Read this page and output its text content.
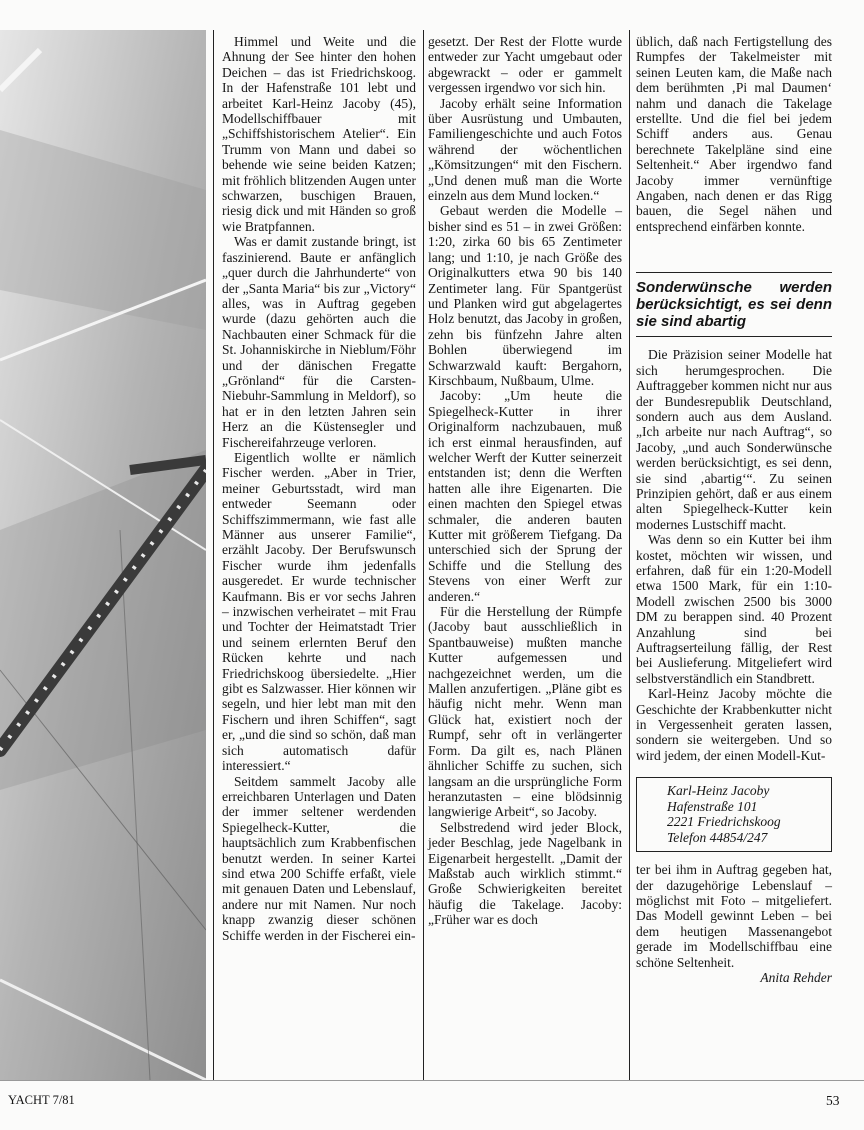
Himmel und Weite und die Ahnung der See hinter den hohen Deichen – das ist Friedrichskoog. In der Hafenstraße 101 lebt und arbeitet Karl-Heinz Jacoby (45), Modellschiffbauer mit „Schiffshistorischem Atelier“. Ein Trumm von Mann und dabei so behende wie seine beiden Katzen; mit fröhlich blitzenden Augen unter schwarzen, buschigen Brauen, riesig dick und mit Händen so groß wie Bratpfannen.

Was er damit zustande bringt, ist faszinierend. Baute er anfänglich „quer durch die Jahrhunderte“ von der „Santa Maria“ bis zur „Victory“ alles, was in Auftrag gegeben wurde (dazu gehörten auch die Nachbauten einer Schmack für die St. Johanniskirche in Nieblum/Föhr und der dänischen Fregatte „Grönland“ für die Carsten-Niebuhr-Sammlung in Meldorf), so hat er in den letzten Jahren sein Herz an die Küstensegler und Fischereifahrzeuge verloren.

Eigentlich wollte er nämlich Fischer werden. „Aber in Trier, meiner Geburtsstadt, wird man entweder Seemann oder Schiffszimmermann, wie fast alle Männer aus unserer Familie“, erzählt Jacoby. Der Berufswunsch Fischer wurde ihm jedenfalls ausgeredet. Er wurde technischer Kaufmann. Bis er vor sechs Jahren – inzwischen verheiratet – mit Frau und Tochter der Heimatstadt Trier und seinem erlernten Beruf den Rücken kehrte und nach Friedrichskoog übersiedelte. „Hier gibt es Salzwasser. Hier können wir segeln, und hier lebt man mit den Fischern und ihren Schiffen“, sagt er, „und die sind so schön, daß man sich automatisch dafür interessiert.“

Seitdem sammelt Jacoby alle erreichbaren Unterlagen und Daten der immer seltener werdenden Spiegelheck-Kutter, die hauptsächlich zum Krabbenfischen benutzt werden. In seiner Kartei sind etwa 200 Schiffe erfaßt, viele mit genauen Daten und Lebenslauf, andere nur mit Namen. Nur noch knapp zwanzig dieser schönen Schiffe werden in der Fischerei ein-

gesetzt. Der Rest der Flotte wurde entweder zur Yacht umgebaut oder abgewrackt – oder er gammelt vergessen irgendwo vor sich hin.

Jacoby erhält seine Information über Ausrüstung und Umbauten, Familiengeschichte und auch Fotos während der wöchentlichen „Kömsitzungen“ mit den Fischern. „Und denen muß man die Worte einzeln aus dem Mund locken.“

Gebaut werden die Modelle – bisher sind es 51 – in zwei Größen: 1:20, zirka 60 bis 65 Zentimeter lang; und 1:10, je nach Größe des Originalkutters etwa 90 bis 140 Zentimeter lang. Für Spantgerüst und Planken wird gut abgelagertes Holz benutzt, das Jacoby in großen, zehn bis fünfzehn Jahre alten Bohlen überwiegend im Schwarzwald kauft: Bergahorn, Kirschbaum, Nußbaum, Ulme.

Jacoby: „Um heute die Spiegelheck-Kutter in ihrer Originalform nachzubauen, muß ich erst einmal herausfinden, auf welcher Werft der Kutter seinerzeit entstanden ist; denn die Werften hatten alle ihre Eigenarten. Die einen machten den Spiegel etwas schmaler, die anderen bauten Kutter mit größerem Tiefgang. Da unterschied sich der Sprung der Schiffe und die Stellung des Stevens von einer Werft zur anderen.“

Für die Herstellung der Rümpfe (Jacoby baut ausschließlich in Spantbauweise) mußten manche Kutter aufgemessen und nachgezeichnet werden, um die Mallen anzufertigen. „Pläne gibt es häufig nicht mehr. Wenn man Glück hat, existiert noch der Rumpf, sehr oft in verlängerter Form. Da gilt es, nach Plänen ähnlicher Schiffe zu suchen, sich langsam an die ursprüngliche Form heranzutasten – eine blödsinnig langwierige Arbeit“, so Jacoby.

Selbstredend wird jeder Block, jeder Beschlag, jede Nagelbank in Eigenarbeit hergestellt. „Damit der Maßstab auch wirklich stimmt.“ Große Schwierigkeiten bereitet häufig die Takelage. Jacoby: „Früher war es doch

üblich, daß nach Fertigstellung des Rumpfes der Takelmeister mit seinen Leuten kam, die Maße nach dem berühmten ‚Pi mal Daumen‘ nahm und danach die Takelage erstellte. Und die fiel bei jedem Schiff anders aus. Genau berechnete Takelpläne sind eine Seltenheit.“ Aber irgendwo fand Jacoby immer vernünftige Angaben, nach denen er das Rigg bauen, die Segel nähen und entsprechend einfärben konnte.

Sonderwünsche werden berücksichtigt, es sei denn sie sind abartig

Die Präzision seiner Modelle hat sich herumgesprochen. Die Auftraggeber kommen nicht nur aus der Bundesrepublik Deutschland, sondern auch aus dem Ausland. „Ich arbeite nur nach Auftrag“, so Jacoby, „und auch Sonderwünsche werden berücksichtigt, es sei denn, sie sind ‚abartig‘“. Zu seinen Prinzipien gehört, daß er aus einem alten Spiegelheck-Kutter kein modernes Lustschiff macht.

Was denn so ein Kutter bei ihm kostet, möchten wir wissen, und erfahren, daß für ein 1:20-Modell etwa 1500 Mark, für ein 1:10-Modell zwischen 2500 bis 3000 DM zu berappen sind. 40 Prozent Anzahlung sind bei Auftragserteilung fällig, der Rest bei Auslieferung. Mitgeliefert wird selbstverständlich ein Standbrett.

Karl-Heinz Jacoby möchte die Geschichte der Krabbenkutter nicht in Vergessenheit geraten lassen, sondern sie weitergeben. Und so wird jedem, der einen Modell-Kut-

Karl-Heinz Jacoby
Hafenstraße 101
2221 Friedrichskoog
Telefon 44854/247

ter bei ihm in Auftrag gegeben hat, der dazugehörige Lebenslauf – möglichst mit Foto – mitgeliefert. Das Modell gewinnt Leben – bei dem heutigen Massenangebot gerade im Modellschiffbau eine schöne Seltenheit.

Anita Rehder
YACHT 7/81	53
